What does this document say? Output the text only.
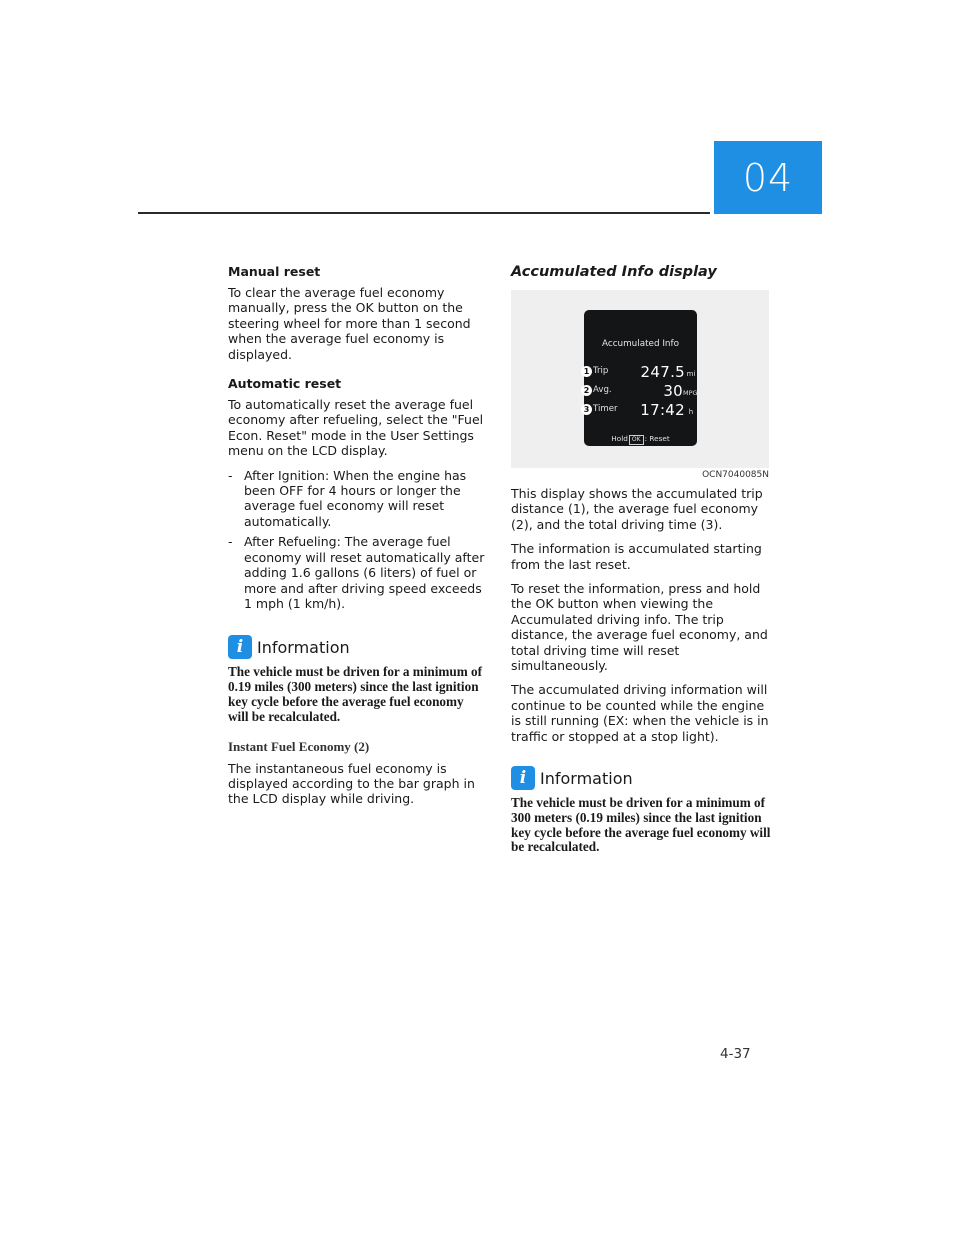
04
Manual reset

To clear the average fuel economy manually, press the OK button on the steering wheel for more than 1 second when the average fuel economy is displayed.

Automatic reset

To automatically reset the average fuel economy after refueling, select the "Fuel Econ. Reset" mode in the User Settings menu on the LCD display.

- After Ignition: When the engine has been OFF for 4 hours or longer the average fuel economy will reset automatically.
- After Refueling: The average fuel economy will reset automatically after adding 1.6 gallons (6 liters) of fuel or more and after driving speed exceeds 1 mph (1 km/h).
i Information

The vehicle must be driven for a minimum of 0.19 miles (300 meters) since the last ignition key cycle before the average fuel economy will be recalculated.

Instant Fuel Economy (2)

The instantaneous fuel economy is displayed according to the bar graph in the LCD display while driving.

Accumulated Info display
Accumulated Info
1 Trip 247.5 mi
2 Avg.	30 MPG
3 Timer 17:42 h
Hold OK : Reset
OCN7040085N

This display shows the accumulated trip distance (1), the average fuel economy (2), and the total driving time (3).

The information is accumulated starting from the last reset.

To reset the information, press and hold the OK button when viewing the Accumulated driving info. The trip distance, the average fuel economy, and total driving time will reset simultaneously.

The accumulated driving information will continue to be counted while the engine is still running (EX: when the vehicle is in traffic or stopped at a stop light).

i Information

The vehicle must be driven for a minimum of 300 meters (0.19 miles) since the last ignition key cycle before the average fuel economy will be recalculated.

4-37
